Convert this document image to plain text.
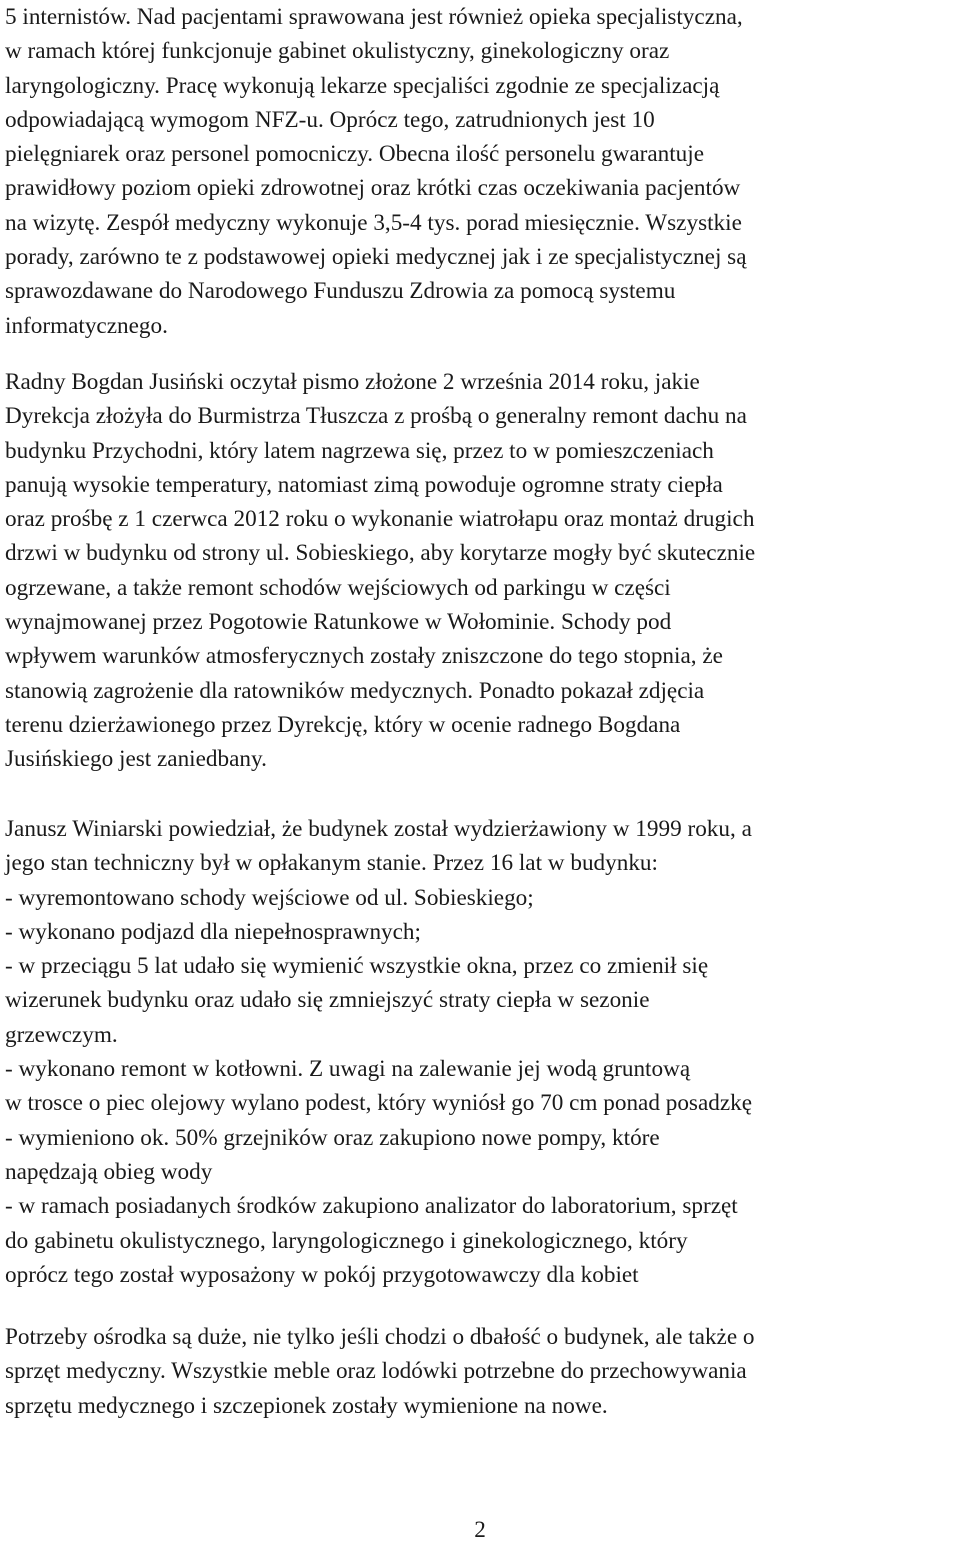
5 internistów. Nad pacjentami sprawowana jest również opieka specjalistyczna,
w ramach której funkcjonuje gabinet okulistyczny, ginekologiczny oraz
laryngologiczny. Pracę wykonują lekarze specjaliści zgodnie ze specjalizacją
odpowiadającą wymogom NFZ-u. Oprócz tego, zatrudnionych jest 10
pielęgniarek oraz personel pomocniczy. Obecna ilość personelu gwarantuje
prawidłowy poziom opieki zdrowotnej oraz krótki czas oczekiwania pacjentów
na wizytę. Zespół medyczny wykonuje 3,5-4 tys. porad miesięcznie. Wszystkie
porady, zarówno te z podstawowej opieki medycznej jak i ze specjalistycznej są
sprawozdawane do Narodowego Funduszu Zdrowia za pomocą systemu
informatycznego.

Radny Bogdan Jusiński oczytał pismo złożone 2 września 2014 roku, jakie
Dyrekcja złożyła do Burmistrza Tłuszcza z prośbą o generalny remont dachu na
budynku Przychodni, który latem nagrzewa się, przez to w pomieszczeniach
panują wysokie temperatury, natomiast zimą powoduje ogromne straty ciepła
oraz prośbę z 1 czerwca 2012 roku o wykonanie wiatrołapu oraz montaż drugich
drzwi w budynku od strony ul. Sobieskiego, aby korytarze mogły być skutecznie
ogrzewane, a także remont schodów wejściowych od parkingu w części
wynajmowanej przez Pogotowie Ratunkowe w Wołominie. Schody pod
wpływem warunków atmosferycznych zostały zniszczone do tego stopnia, że
stanowią zagrożenie dla ratowników medycznych. Ponadto pokazał zdjęcia
terenu dzierżawionego przez Dyrekcję, który w ocenie radnego Bogdana
Jusińskiego jest zaniedbany.

Janusz Winiarski powiedział, że budynek został wydzierżawiony w 1999 roku, a
jego stan techniczny był w opłakanym stanie. Przez 16 lat w budynku:
- wyremontowano schody wejściowe od ul. Sobieskiego;
- wykonano podjazd dla niepełnosprawnych;
- w przeciągu 5 lat udało się wymienić wszystkie okna, przez co zmienił się
wizerunek budynku oraz udało się zmniejszyć straty ciepła w sezonie
grzewczym.
- wykonano remont w kotłowni. Z uwagi na zalewanie jej wodą gruntową
w trosce o piec olejowy wylano podest, który wyniósł go 70 cm ponad posadzkę
- wymieniono ok. 50% grzejników oraz zakupiono nowe pompy, które
napędzają obieg wody
- w ramach posiadanych środków zakupiono analizator do laboratorium, sprzęt
do gabinetu okulistycznego, laryngologicznego i ginekologicznego, który
oprócz tego został wyposażony w pokój przygotowawczy dla kobiet

Potrzeby ośrodka są duże, nie tylko jeśli chodzi o dbałość o budynek, ale także o
sprzęt medyczny. Wszystkie meble oraz lodówki potrzebne do przechowywania
sprzętu medycznego i szczepionek zostały wymienione na nowe.

2
